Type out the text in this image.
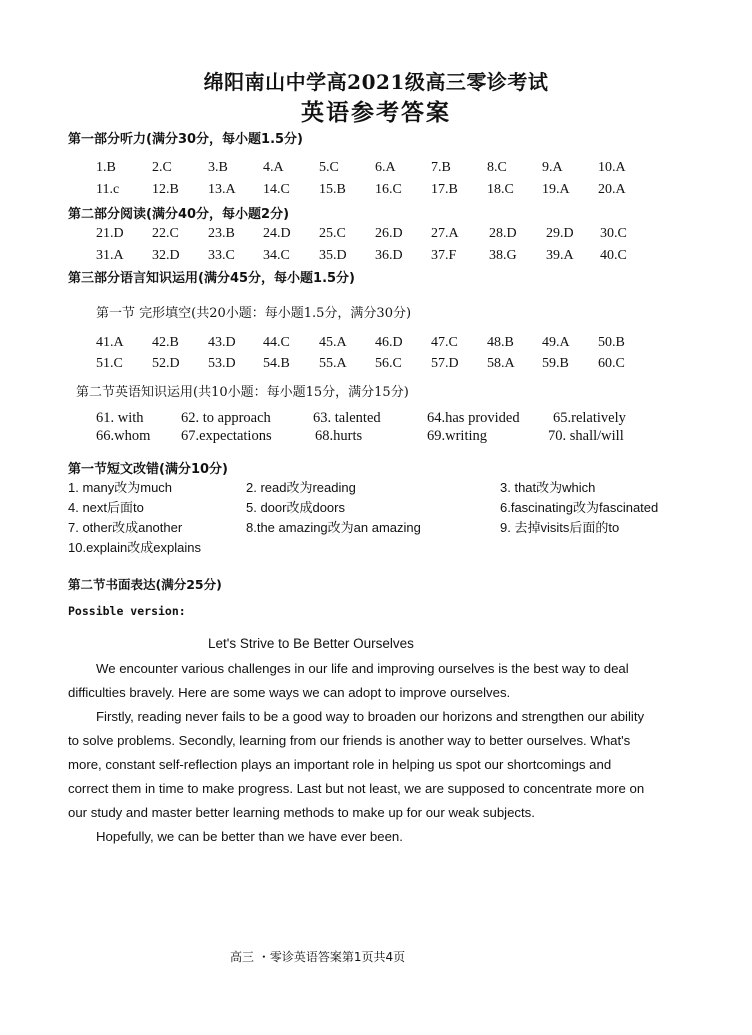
绵阳南山中学高2021级高三零诊考试
英语参考答案
第一部分听力(满分30分，每小题1.5分)
1.B	2.C	3.B	4.A	5.C	6.A	7.B	8.C	9.A	10.A
11.c 12.B 13.A 14.C 15.B 16.C 17.B 18.C 19.A 20.A
第二部分阅读(满分40分，每小题2分)
21.D 22.C 23.B 24.D 25.C 26.D 27.A 28.D 29.D 30.C
31.A 32.D 33.C 34.C 35.D 36.D 37.F 38.G 39.A 40.C
第三部分语言知识运用(满分45分，每小题1.5分)
第一节 完形填空(共20小题：每小题1.5分，满分30分)
41.A 42.B 43.D 44.C 45.A 46.D 47.C 48.B 49.A 50.B
51.C 52.D 53.D 54.B 55.A 56.C 57.D 58.A 59.B 60.C
第二节英语知识运用(共10小题：每小题15分，满分15分)
61. with	62. to approach	63. talented	64.has provided 65.relatively
66.whom 67.expectations	68.hurts	69.writing	70. shall/will
第一节短文改错(满分10分)
1. many改为much	2. read改为reading	3. that改为which
4. next后面to	5. door改成doors	6.fascinating改为fascinated
7. other改成another	8.the amazing改为an amazing	9. 去掉visits后面的to
10.explain改成explains
第二节书面表达(满分25分)
Possible version:
Let's Strive to Be Better Ourselves
We encounter various challenges in our life and improving ourselves is the best way to deal
difficulties bravely. Here are some ways we can adopt to improve ourselves.
Firstly, reading never fails to be a good way to broaden our horizons and strengthen our ability
to solve problems. Secondly, learning from our friends is another way to better ourselves. What's
more, constant self-reflection plays an important role in helping us spot our shortcomings and
correct them in time to make progress. Last but not least, we are supposed to concentrate more on
our study and master better learning methods to make up for our weak subjects.
Hopefully, we can be better than we have ever been.
高三 ・零诊英语答案第1页共4页
